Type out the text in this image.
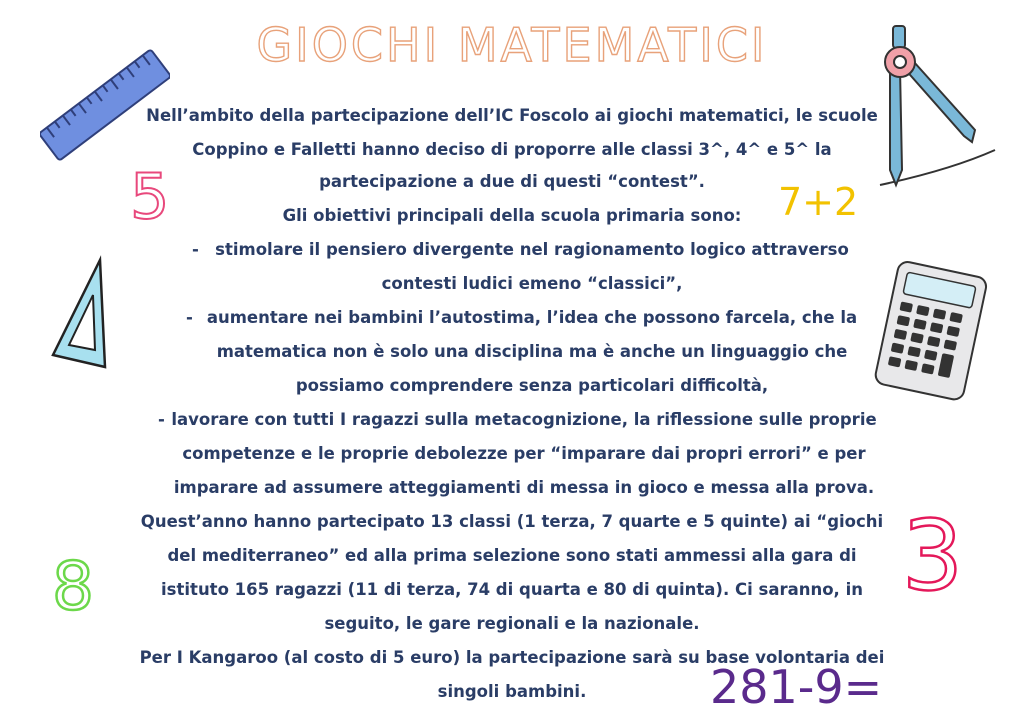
GIOCHI MATEMATICI
5	7+2
8	3
281-9=
Nell’ambito della partecipazione dell’IC Foscolo ai giochi matematici, le scuole
Coppino e Falletti hanno deciso di proporre alle classi 3^, 4^ e 5^ la
partecipazione a due di questi “contest”.
Gli obiettivi principali della scuola primaria sono:
- stimolare il pensiero divergente nel ragionamento logico attraverso
contesti ludici emeno “classici”,
- aumentare nei bambini l’autostima, l’idea che possono farcela, che la
matematica non è solo una disciplina ma è anche un linguaggio che
possiamo comprendere senza particolari difficoltà,
- lavorare con tutti I ragazzi sulla metacognizione, la riflessione sulle proprie
competenze e le proprie debolezze per “imparare dai propri errori” e per
imparare ad assumere atteggiamenti di messa in gioco e messa alla prova.
Quest’anno hanno partecipato 13 classi (1 terza, 7 quarte e 5 quinte) ai “giochi
del mediterraneo” ed alla prima selezione sono stati ammessi alla gara di
istituto 165 ragazzi (11 di terza, 74 di quarta e 80 di quinta). Ci saranno, in
seguito, le gare regionali e la nazionale.
Per I Kangaroo (al costo di 5 euro) la partecipazione sarà su base volontaria dei
singoli bambini.
